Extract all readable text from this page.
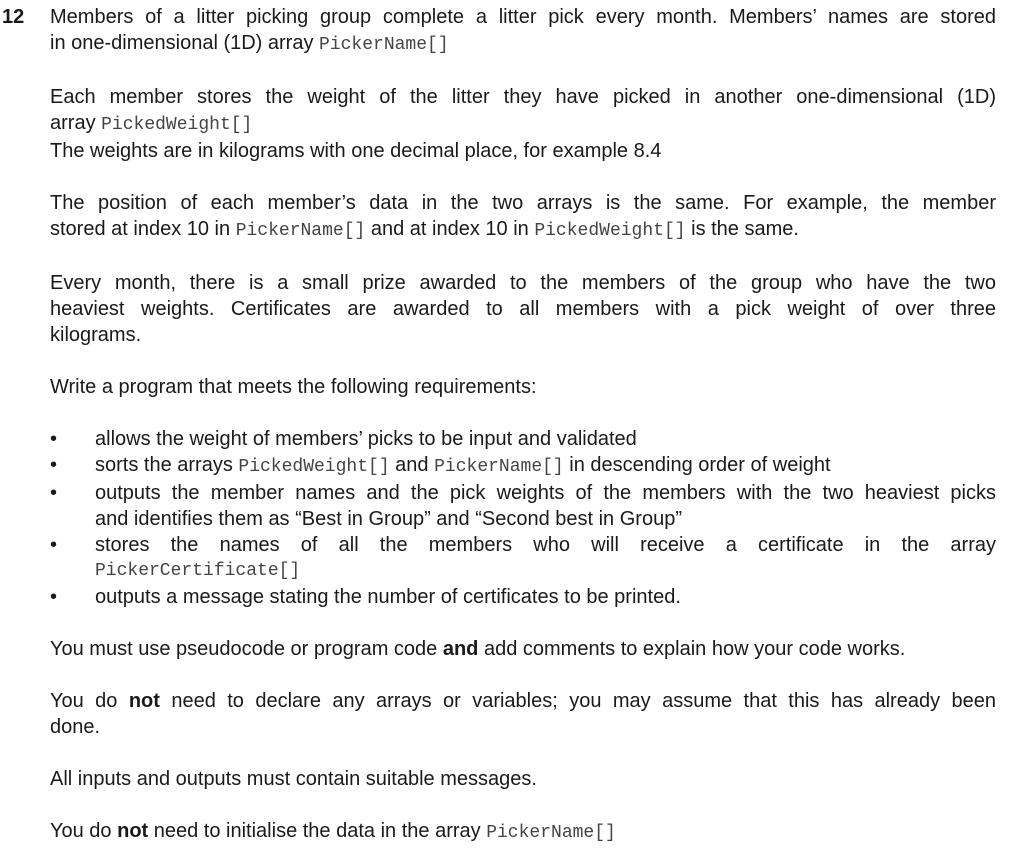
12 Members of a litter picking group complete a litter pick every month. Members’ names are stored
in one-dimensional (1D) array PickerName[]
Each member stores the weight of the litter they have picked in another one-dimensional (1D)
array PickedWeight[]
The weights are in kilograms with one decimal place, for example 8.4
The position of each member’s data in the two arrays is the same. For example, the member
stored at index 10 in PickerName[] and at index 10 in PickedWeight[] is the same.
Every month, there is a small prize awarded to the members of the group who have the two
heaviest weights. Certificates are awarded to all members with a pick weight of over three
kilograms.
Write a program that meets the following requirements:
• allows the weight of members’ picks to be input and validated
• sorts the arrays PickedWeight[] and PickerName[] in descending order of weight
• outputs the member names and the pick weights of the members with the two heaviest picks
and identifies them as “Best in Group” and “Second best in Group”
• stores the names of all the members who will receive a certificate in the array
PickerCertificate[]
• outputs a message stating the number of certificates to be printed.
You must use pseudocode or program code and add comments to explain how your code works.
You do not need to declare any arrays or variables; you may assume that this has already been
done.
All inputs and outputs must contain suitable messages.
You do not need to initialise the data in the array PickerName[]
